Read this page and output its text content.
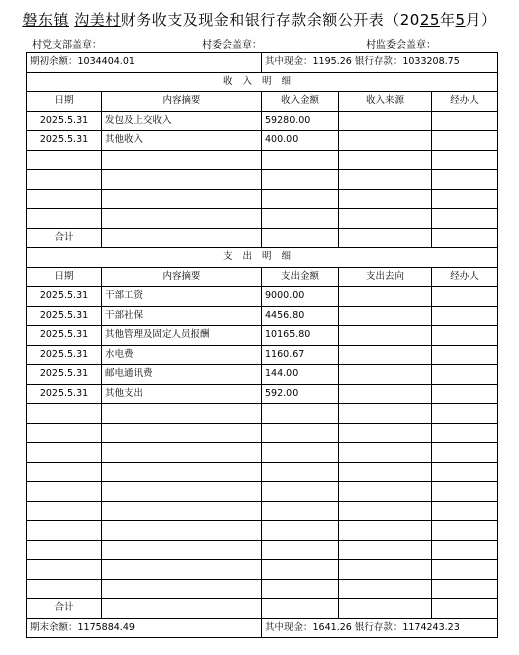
磐东镇 沟美村财务收支及现金和银行存款余额公开表（2025年5月）
村党支部盖章：	村委会盖章：	村监委会盖章：
期初余额：1034404.01		其中现金：1195.26 银行存款：1033208.75		
收入明细				
日期	内容摘要	收入金额	收入来源	经办人
2025.5.31	发包及上交收入	59280.00		
2025.5.31	其他收入	400.00		

合计				
支出明细				
日期	内容摘要	支出金额	支出去向	经办人
2025.5.31	干部工资	9000.00		
2025.5.31	干部社保	4456.80		
2025.5.31	其他管理及固定人员报酬	10165.80		
2025.5.31	水电费	1160.67		
2025.5.31	邮电通讯费	144.00		
2025.5.31	其他支出	592.00		

合计				
期末余额：1175884.49		其中现金：1641.26 银行存款：1174243.23		
